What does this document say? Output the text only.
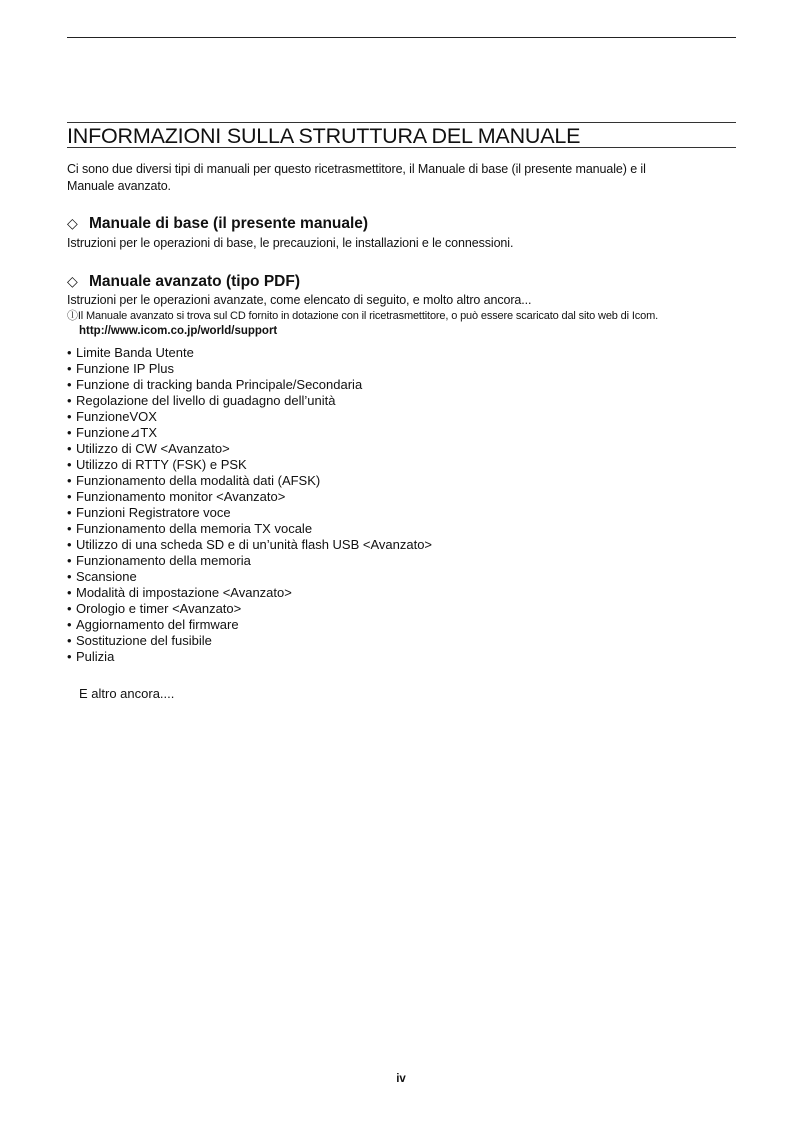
INFORMAZIONI SULLA STRUTTURA DEL MANUALE

Ci sono due diversi tipi di manuali per questo ricetrasmettitore, il Manuale di base (il presente manuale) e il
Manuale avanzato.

◇ Manuale di base (il presente manuale)

Istruzioni per le operazioni di base, le precauzioni, le installazioni e le connessioni.

◇ Manuale avanzato (tipo PDF)

Istruzioni per le operazioni avanzate, come elencato di seguito, e molto altro ancora...

ⓛIl Manuale avanzato si trova sul CD fornito in dotazione con il ricetrasmettitore, o può essere scaricato dal sito web di Icom.

http://www.icom.co.jp/world/support

• Limite Banda Utente
• Funzione IP Plus
• Funzione di tracking banda Principale/Secondaria
• Regolazione del livello di guadagno dell’unità
• FunzioneVOX
• Funzione⊿TX
• Utilizzo di CW <Avanzato>
• Utilizzo di RTTY (FSK) e PSK
• Funzionamento della modalità dati (AFSK)
• Funzionamento monitor <Avanzato>
• Funzioni Registratore voce
• Funzionamento della memoria TX vocale
• Utilizzo di una scheda SD e di un’unità flash USB <Avanzato>
• Funzionamento della memoria
• Scansione
• Modalità di impostazione <Avanzato>
• Orologio e timer <Avanzato>
• Aggiornamento del firmware
• Sostituzione del fusibile
• Pulizia

E altro ancora....

iv
